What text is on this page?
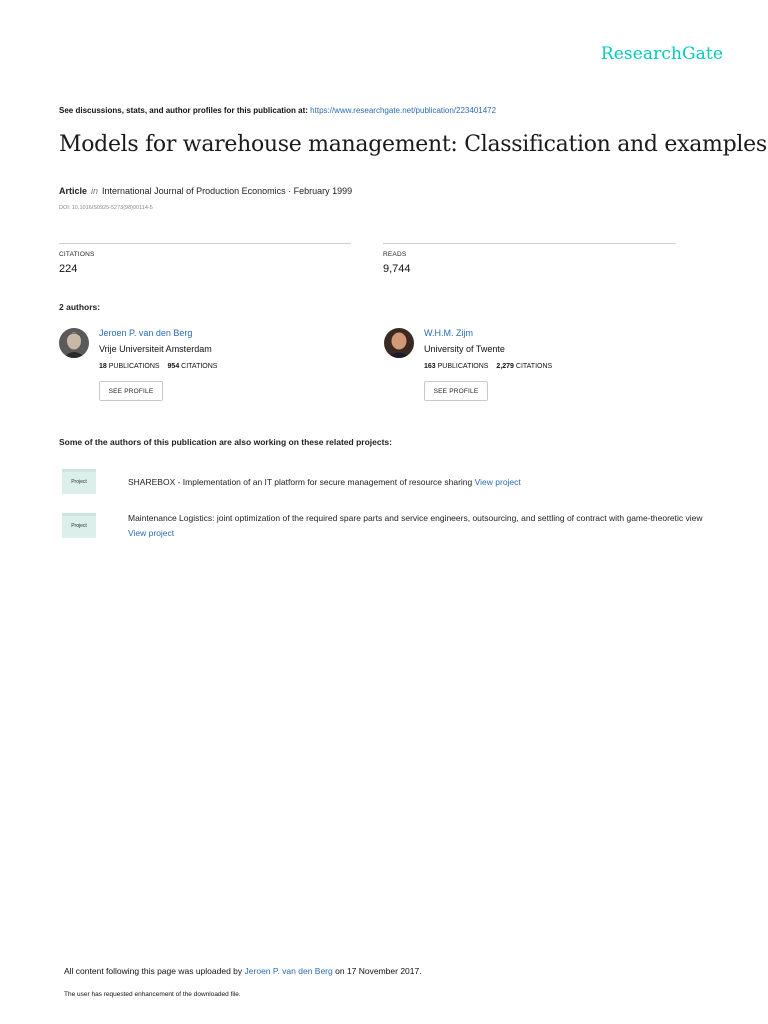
ResearchGate
See discussions, stats, and author profiles for this publication at: https://www.researchgate.net/publication/223401472
Models for warehouse management: Classification and examples
Article in International Journal of Production Economics · February 1999
DOI: 10.1016/S0925-5273(98)00114-5
CITATIONS
224
READS
9,744
2 authors:
Jeroen P. van den Berg
Vrije Universiteit Amsterdam
18 PUBLICATIONS 954 CITATIONS
SEE PROFILE
W.H.M. Zijm
University of Twente
163 PUBLICATIONS 2,279 CITATIONS
SEE PROFILE
Some of the authors of this publication are also working on these related projects:
Project	SHAREBOX - Implementation of an IT platform for secure management of resource sharing View project
Project
Maintenance Logistics: joint optimization of the required spare parts and service engineers, outsourcing, and settling of contract with game-theoretic view View project
All content following this page was uploaded by Jeroen P. van den Berg on 17 November 2017.
The user has requested enhancement of the downloaded file.
